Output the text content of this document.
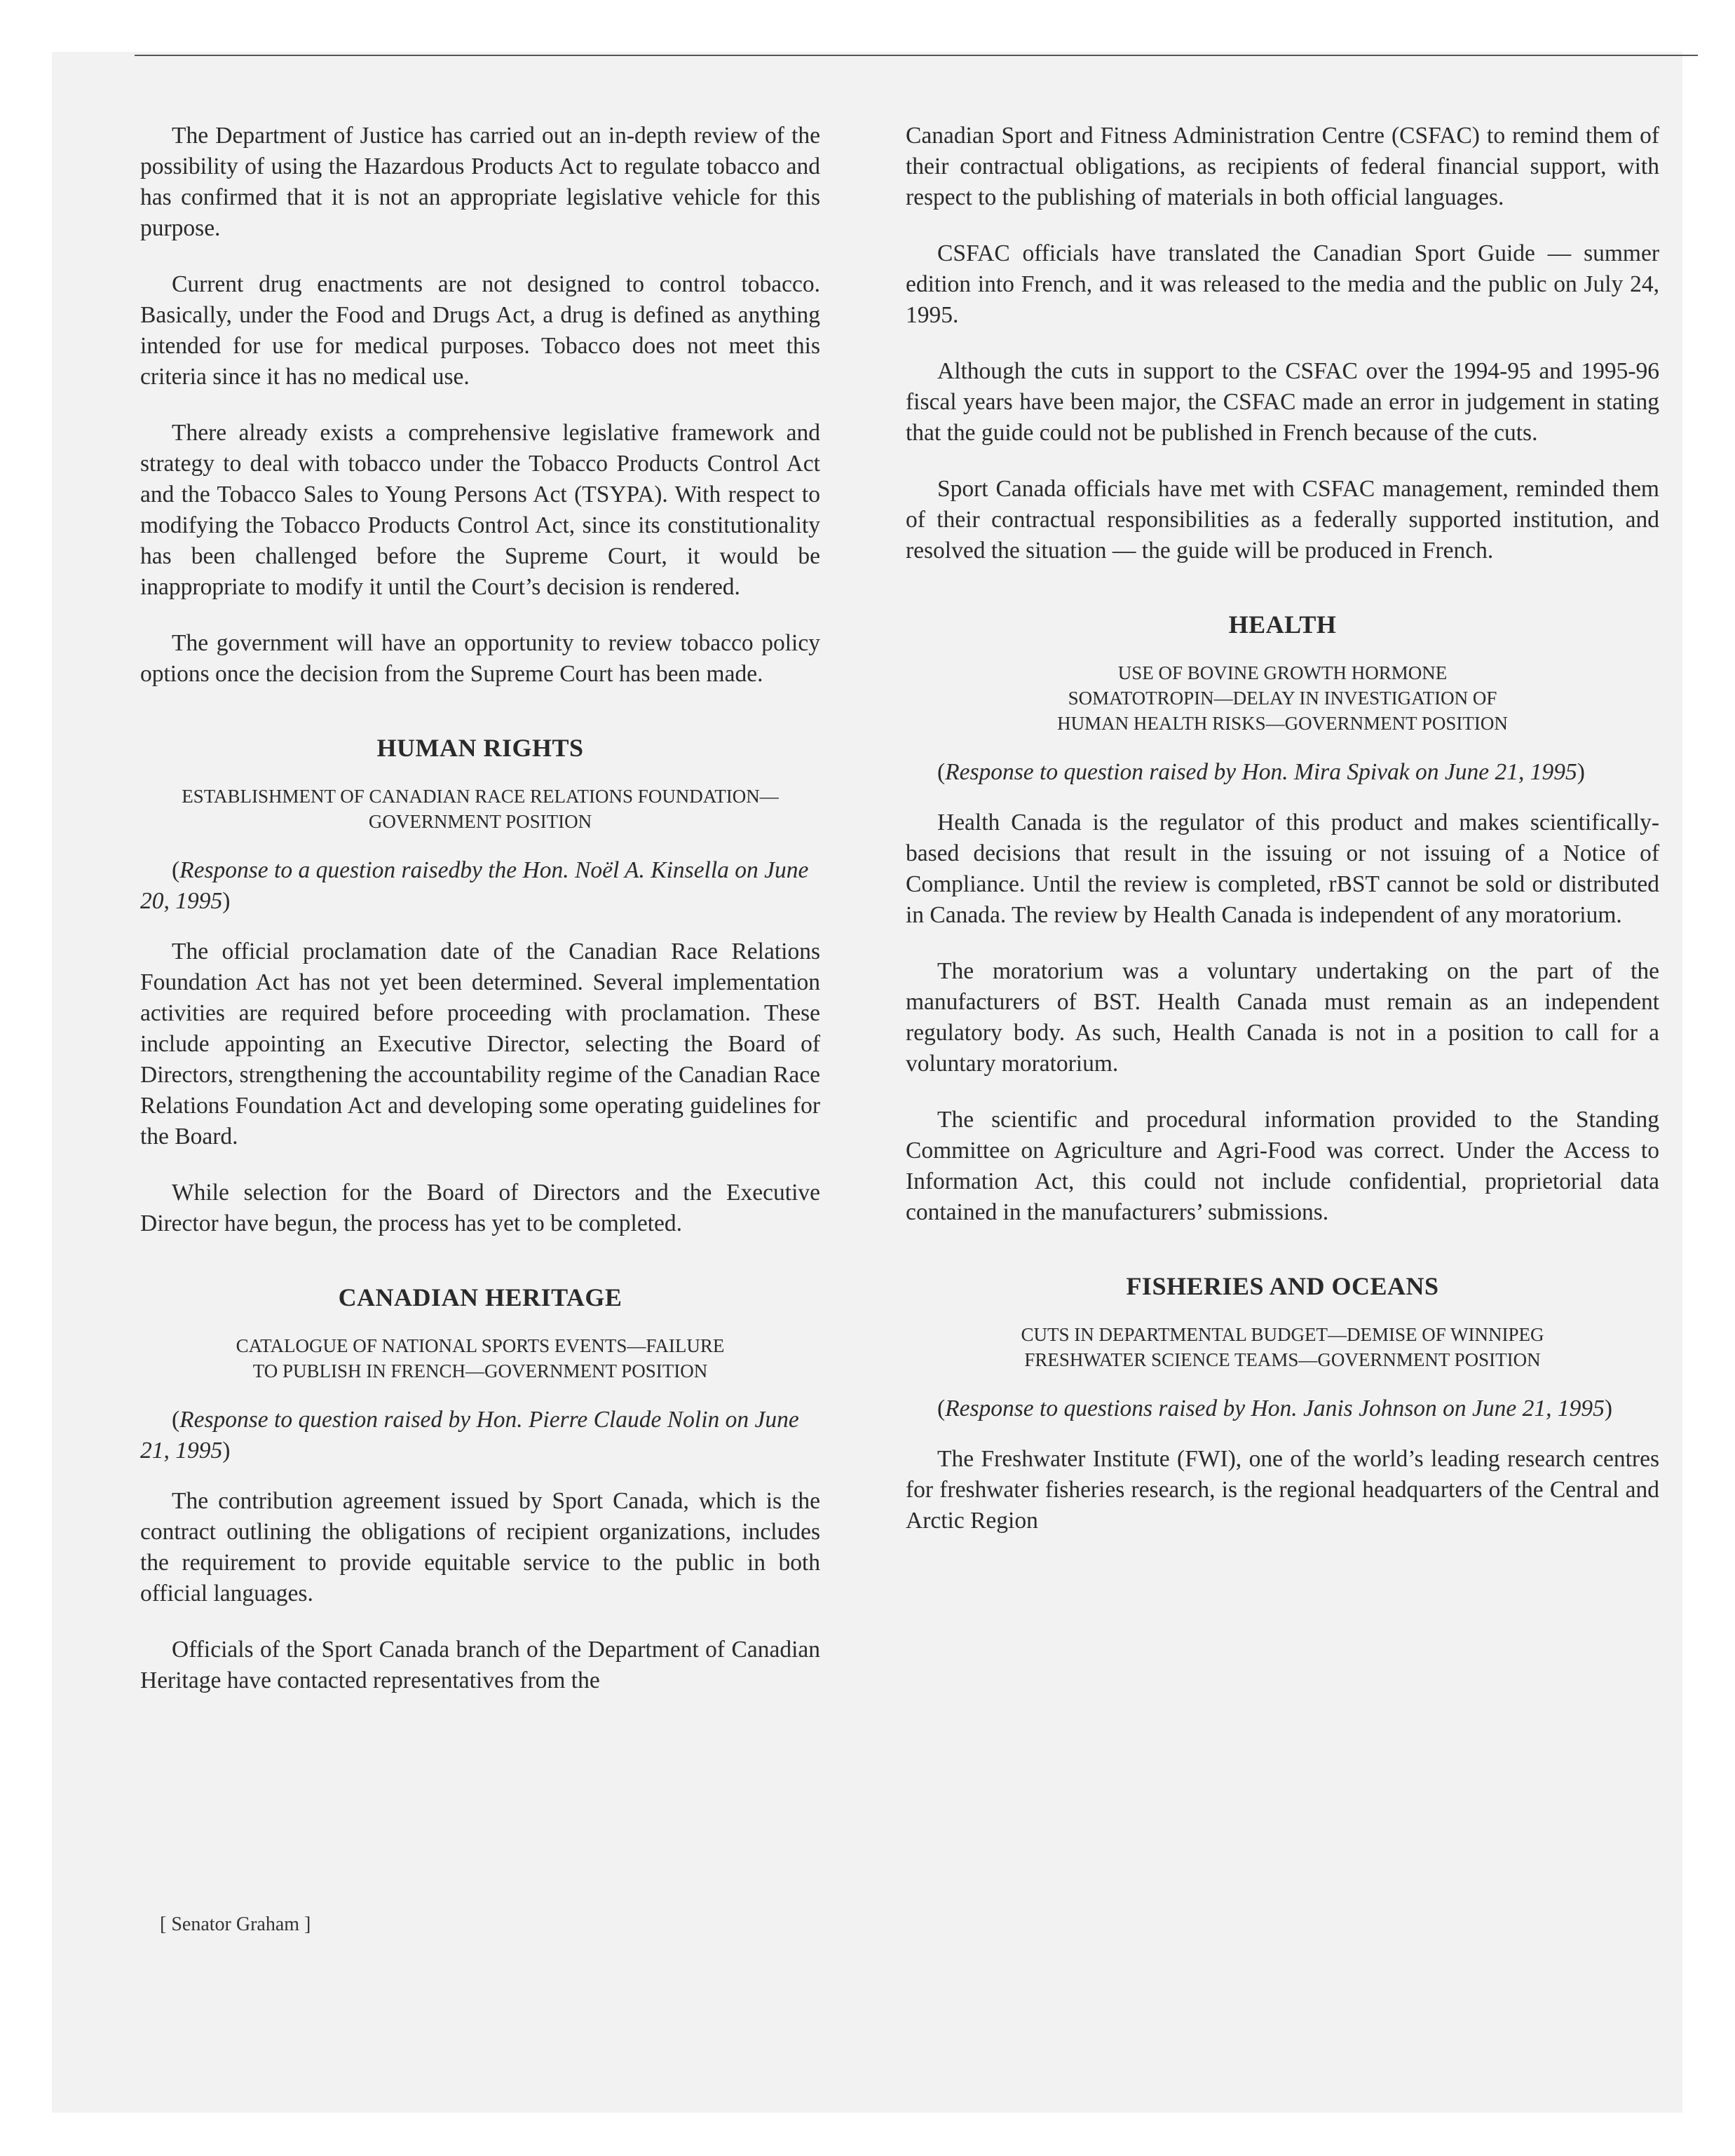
The Department of Justice has carried out an in-depth review of the possibility of using the Hazardous Products Act to regulate tobacco and has confirmed that it is not an appropriate legislative vehicle for this purpose.

Current drug enactments are not designed to control tobacco. Basically, under the Food and Drugs Act, a drug is defined as anything intended for use for medical purposes. Tobacco does not meet this criteria since it has no medical use.

There already exists a comprehensive legislative framework and strategy to deal with tobacco under the Tobacco Products Control Act and the Tobacco Sales to Young Persons Act (TSYPA). With respect to modifying the Tobacco Products Control Act, since its constitutionality has been challenged before the Supreme Court, it would be inappropriate to modify it until the Court’s decision is rendered.

The government will have an opportunity to review tobacco policy options once the decision from the Supreme Court has been made.

HUMAN RIGHTS
ESTABLISHMENT OF CANADIAN RACE RELATIONS FOUNDATION—
GOVERNMENT POSITION

(Response to a question raisedby the Hon. Noël A. Kinsella on June 20, 1995)

The official proclamation date of the Canadian Race Relations Foundation Act has not yet been determined. Several implementation activities are required before proceeding with proclamation. These include appointing an Executive Director, selecting the Board of Directors, strengthening the accountability regime of the Canadian Race Relations Foundation Act and developing some operating guidelines for the Board.

While selection for the Board of Directors and the Executive Director have begun, the process has yet to be completed.

CANADIAN HERITAGE
CATALOGUE OF NATIONAL SPORTS EVENTS—FAILURE
TO PUBLISH IN FRENCH—GOVERNMENT POSITION

(Response to question raised by Hon. Pierre Claude Nolin on June 21, 1995)

The contribution agreement issued by Sport Canada, which is the contract outlining the obligations of recipient organizations, includes the requirement to provide equitable service to the public in both official languages.

Officials of the Sport Canada branch of the Department of Canadian Heritage have contacted representatives from the

Canadian Sport and Fitness Administration Centre (CSFAC) to remind them of their contractual obligations, as recipients of federal financial support, with respect to the publishing of materials in both official languages.

CSFAC officials have translated the Canadian Sport Guide — summer edition into French, and it was released to the media and the public on July 24, 1995.

Although the cuts in support to the CSFAC over the 1994-95 and 1995-96 fiscal years have been major, the CSFAC made an error in judgement in stating that the guide could not be published in French because of the cuts.

Sport Canada officials have met with CSFAC management, reminded them of their contractual responsibilities as a federally supported institution, and resolved the situation — the guide will be produced in French.

HEALTH
USE OF BOVINE GROWTH HORMONE
SOMATOTROPIN—DELAY IN INVESTIGATION OF
HUMAN HEALTH RISKS—GOVERNMENT POSITION

(Response to question raised by Hon. Mira Spivak on June 21, 1995)

Health Canada is the regulator of this product and makes scientifically-based decisions that result in the issuing or not issuing of a Notice of Compliance. Until the review is completed, rBST cannot be sold or distributed in Canada. The review by Health Canada is independent of any moratorium.

The moratorium was a voluntary undertaking on the part of the manufacturers of BST. Health Canada must remain as an independent regulatory body. As such, Health Canada is not in a position to call for a voluntary moratorium.

The scientific and procedural information provided to the Standing Committee on Agriculture and Agri-Food was correct. Under the Access to Information Act, this could not include confidential, proprietorial data contained in the manufacturers’ submissions.

FISHERIES AND OCEANS
CUTS IN DEPARTMENTAL BUDGET—DEMISE OF WINNIPEG
FRESHWATER SCIENCE TEAMS—GOVERNMENT POSITION

(Response to questions raised by Hon. Janis Johnson on June 21, 1995)

The Freshwater Institute (FWI), one of the world’s leading research centres for freshwater fisheries research, is the regional headquarters of the Central and Arctic Region

[ Senator Graham ]
